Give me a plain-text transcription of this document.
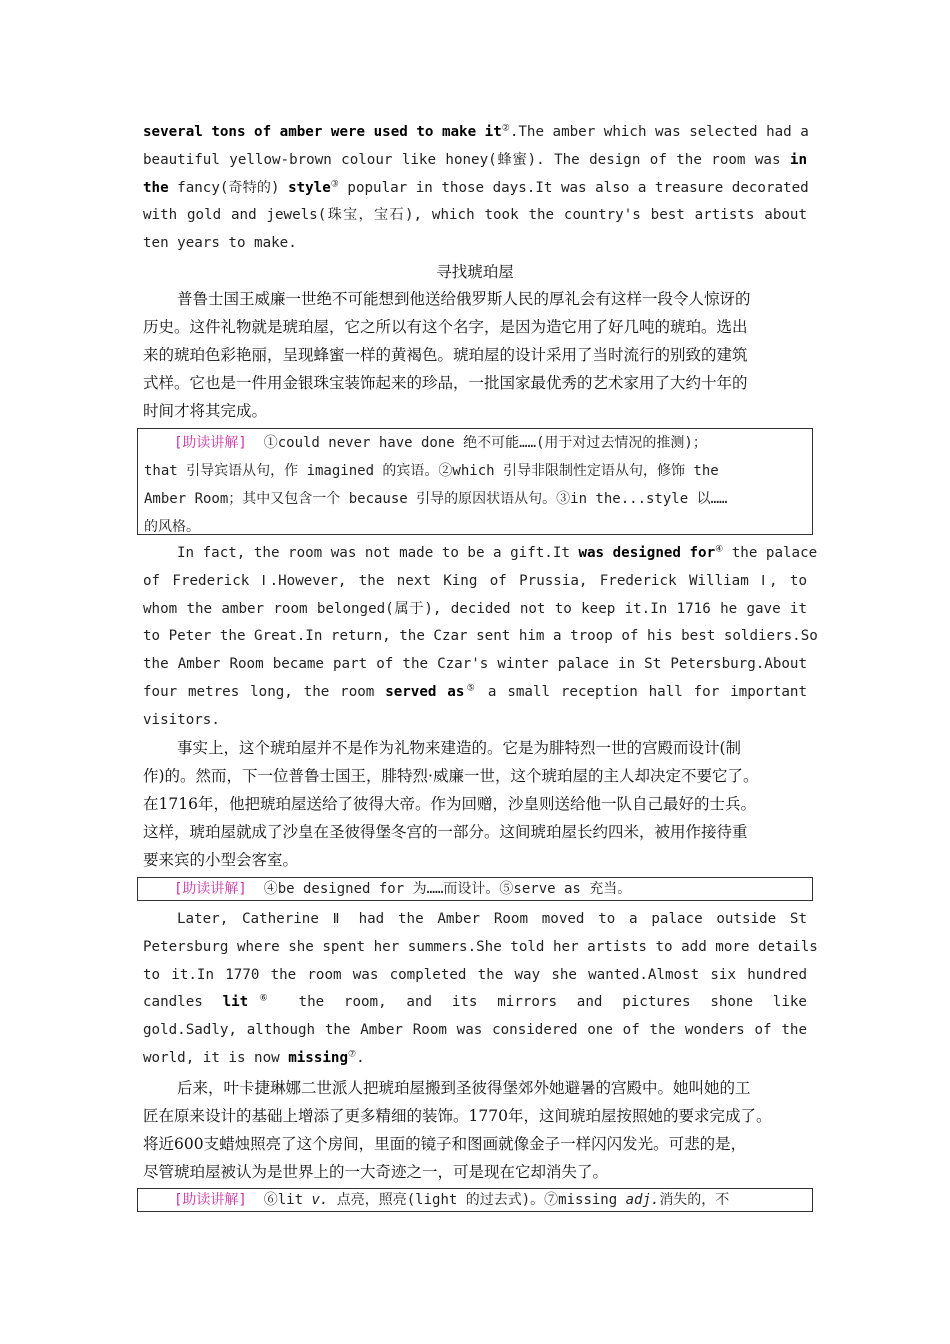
several tons of amber were used to make it②.The amber which was selected had a
beautiful yellow-brown colour like honey(蜂蜜). The design of the room was in
the fancy(奇特的) style③ popular in those days.It was also a treasure decorated
with gold and jewels(珠宝，宝石), which took the country's best artists about
ten years to make.
寻找琥珀屋
普鲁士国王威廉一世绝不可能想到他送给俄罗斯人民的厚礼会有这样一段令人惊讶的
历史。这件礼物就是琥珀屋，它之所以有这个名字，是因为造它用了好几吨的琥珀。选出
来的琥珀色彩艳丽，呈现蜂蜜一样的黄褐色。琥珀屋的设计采用了当时流行的别致的建筑
式样。它也是一件用金银珠宝装饰起来的珍品，一批国家最优秀的艺术家用了大约十年的
时间才将其完成。
[助读讲解] ①could never have done 绝不可能……(用于对过去情况的推测)；
that 引导宾语从句，作 imagined 的宾语。②which 引导非限制性定语从句，修饰 the
Amber Room；其中又包含一个 because 引导的原因状语从句。③in the...style 以……
的风格。
In fact, the room was not made to be a gift.It was designed for④ the palace
of Frederick Ⅰ.However, the next King of Prussia, Frederick William Ⅰ, to
whom the amber room belonged(属于), decided not to keep it.In 1716 he gave it
to Peter the Great.In return, the Czar sent him a troop of his best soldiers.So
the Amber Room became part of the Czar's winter palace in St Petersburg.About
four metres long, the room served as⑤ a small reception hall for important
visitors.
事实上，这个琥珀屋并不是作为礼物来建造的。它是为腓特烈一世的宫殿而设计(制
作)的。然而，下一位普鲁士国王，腓特烈·威廉一世，这个琥珀屋的主人却决定不要它了。
在1716年，他把琥珀屋送给了彼得大帝。作为回赠，沙皇则送给他一队自己最好的士兵。
这样，琥珀屋就成了沙皇在圣彼得堡冬宫的一部分。这间琥珀屋长约四米，被用作接待重
要来宾的小型会客室。
[助读讲解] ④be designed for 为……而设计。⑤serve as 充当。
Later, Catherine Ⅱ had the Amber Room moved to a palace outside St
Petersburg where she spent her summers.She told her artists to add more details
to it.In 1770 the room was completed the way she wanted.Almost six hundred
candles lit⑥ the room, and its mirrors and pictures shone like
gold.Sadly, although the Amber Room was considered one of the wonders of the
world, it is now missing⑦.
后来，叶卡捷琳娜二世派人把琥珀屋搬到圣彼得堡郊外她避暑的宫殿中。她叫她的工
匠在原来设计的基础上增添了更多精细的装饰。1770年，这间琥珀屋按照她的要求完成了。
将近600支蜡烛照亮了这个房间，里面的镜子和图画就像金子一样闪闪发光。可悲的是，
尽管琥珀屋被认为是世界上的一大奇迹之一，可是现在它却消失了。
[助读讲解] ⑥lit v. 点亮，照亮(light 的过去式)。⑦missing adj.消失的，不
